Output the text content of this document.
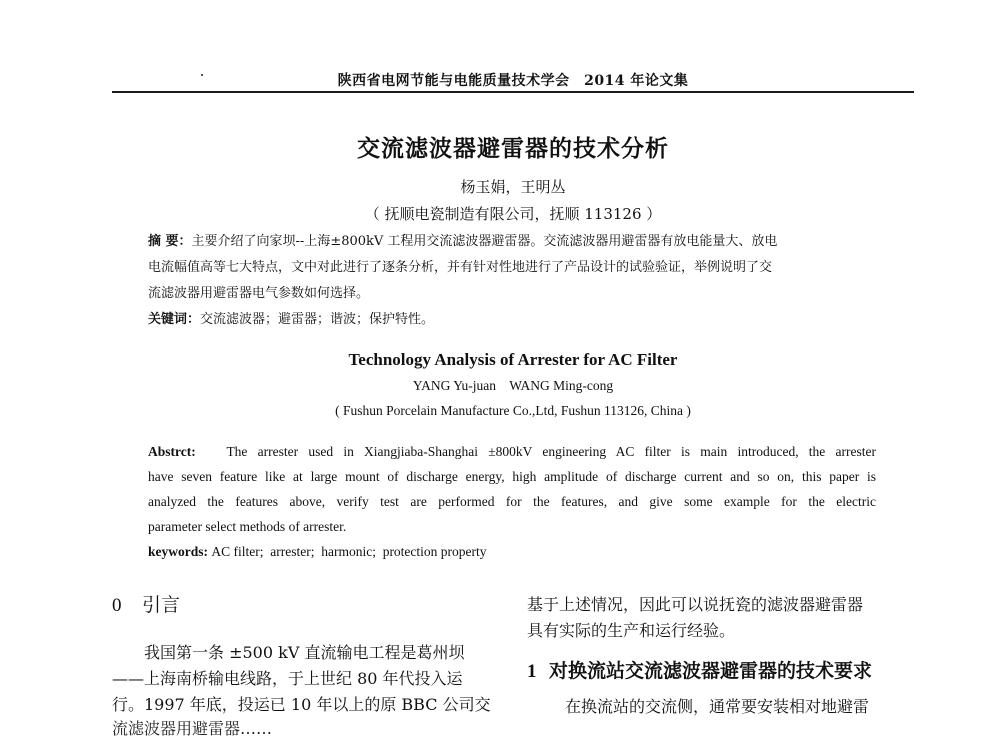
陕西省电网节能与电能质量技术学会　2014 年论文集
交流滤波器避雷器的技术分析
杨玉娟，王明丛
（ 抚顺电瓷制造有限公司，抚顺 113126 ）
摘 要：主要介绍了向家坝--上海±800kV 工程用交流滤波器避雷器。交流滤波器用避雷器有放电能量大、放电
电流幅值高等七大特点，文中对此进行了逐条分析，并有针对性地进行了产品设计的试验验证，举例说明了交
流滤波器用避雷器电气参数如何选择。
关键词：交流滤波器；避雷器；谐波；保护特性。
Technology Analysis of Arrester for AC Filter
YANG Yu-juan    WANG Ming-cong
( Fushun Porcelain Manufacture Co.,Ltd, Fushun 113126, China )
Abstrct: The arrester used in Xiangjiaba-Shanghai ±800kV engineering AC filter is main introduced, the arrester
have seven feature like at large mount of discharge energy, high amplitude of discharge current and so on, this paper is
analyzed the features above, verify test are performed for the features, and give some example for the electric
parameter select methods of arrester.
keywords: AC filter;  arrester;  harmonic;  protection property
0 引言
我国第一条 ±500 kV 直流输电工程是葛州坝
——上海南桥输电线路，于上世纪 80 年代投入运
行。1997 年底，投运已 10 年以上的原 BBC 公司交
流滤波器用避雷器……
基于上述情况，因此可以说抚瓷的滤波器避雷器
具有实际的生产和运行经验。
1 对换流站交流滤波器避雷器的技术要求
在换流站的交流侧，通常要安装相对地避雷
